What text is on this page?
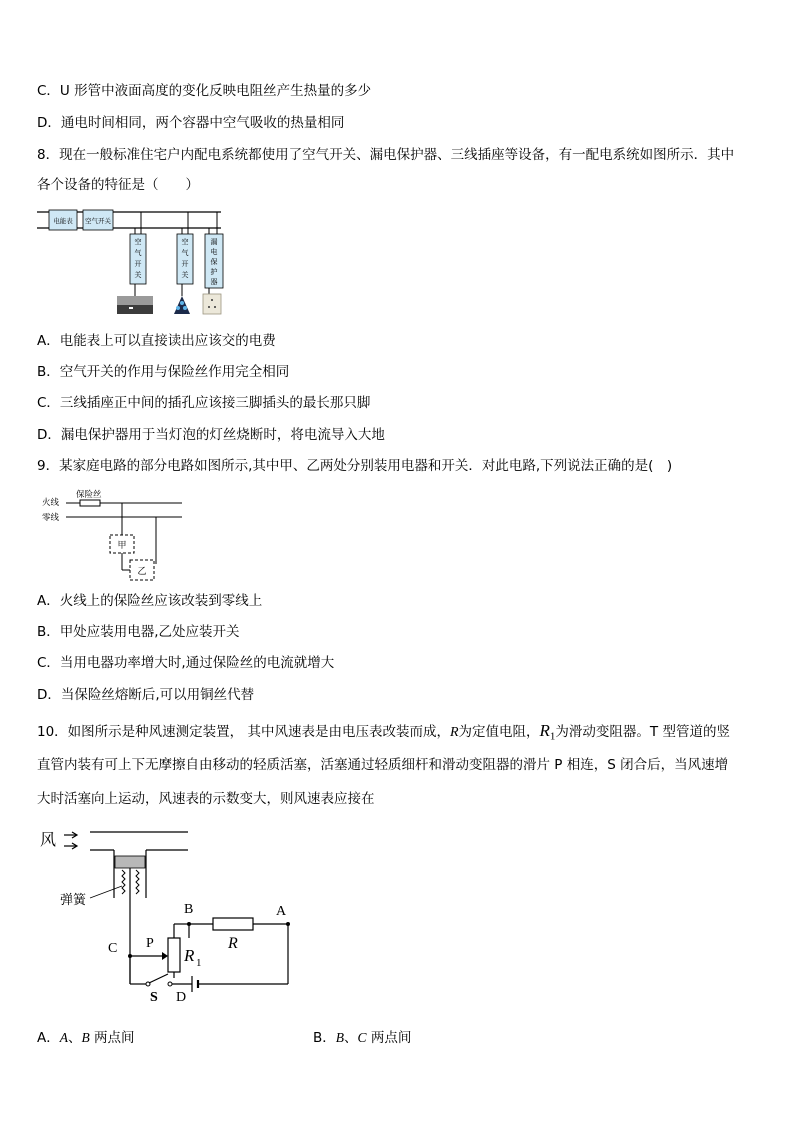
C．U 形管中液面高度的变化反映电阻丝产生热量的多少
D．通电时间相同，两个容器中空气吸收的热量相同
8．现在一般标准住宅户内配电系统都使用了空气开关、漏电保护器、三线插座等设备，有一配电系统如图所示．其中
各个设备的特征是（　　）
电能表 空气开关
空
气
开
关
空
气
开
关
漏
电
保
护
器
A．电能表上可以直接读出应该交的电费
B．空气开关的作用与保险丝作用完全相同
C．三线插座正中间的插孔应该接三脚插头的最长那只脚
D．漏电保护器用于当灯泡的灯丝烧断时，将电流导入大地
9．某家庭电路的部分电路如图所示,其中甲、乙两处分别装用电器和开关．对此电路,下列说法正确的是(　)
火线
零线
保险丝
甲
乙
A．火线上的保险丝应该改装到零线上
B．甲处应装用电器,乙处应装开关
C．当用电器功率增大时,通过保险丝的电流就增大
D．当保险丝熔断后,可以用铜丝代替
10．如图所示是种风速测定装置， 其中风速表是由电压表改装而成，R为定值电阻，$R_1$为滑动变阻器。T 型管道的竖
直管内装有可上下无摩擦自由移动的轻质活塞，活塞通过轻质细杆和滑动变阻器的滑片 P 相连，S 闭合后，当风速增
大时活塞向上运动，风速表的示数变大，则风速表应接在
风
弹簧
B	A
C P
S D
R
R 1
A．A、B 两点间	B．B、C 两点间
